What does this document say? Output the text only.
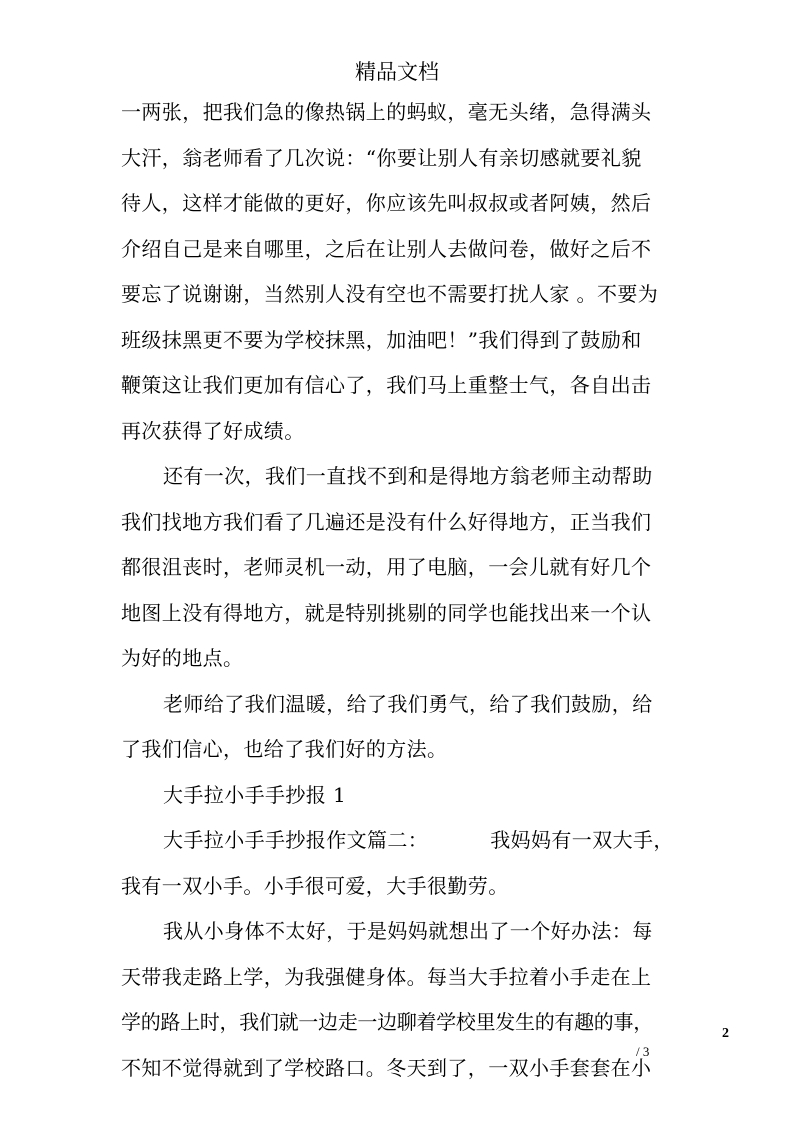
精品文档
一两张，把我们急的像热锅上的蚂蚁，毫无头绪，急得满头
大汗，翁老师看了几次说：“你要让别人有亲切感就要礼貌
待人，这样才能做的更好，你应该先叫叔叔或者阿姨，然后
介绍自己是来自哪里，之后在让别人去做问卷，做好之后不
要忘了说谢谢，当然别人没有空也不需要打扰人家 。不要为
班级抹黑更不要为学校抹黑，加油吧！”我们得到了鼓励和
鞭策这让我们更加有信心了，我们马上重整士气，各自出击
再次获得了好成绩。
还有一次，我们一直找不到和是得地方翁老师主动帮助
我们找地方我们看了几遍还是没有什么好得地方，正当我们
都很沮丧时，老师灵机一动，用了电脑，一会儿就有好几个
地图上没有得地方，就是特别挑剔的同学也能找出来一个认
为好的地点。
老师给了我们温暖，给了我们勇气，给了我们鼓励，给
了我们信心，也给了我们好的方法。
大手拉小手手抄报 1
大手拉小手手抄报作文篇二：	我妈妈有一双大手，
我有一双小手。小手很可爱，大手很勤劳。
我从小身体不太好，于是妈妈就想出了一个好办法：每
天带我走路上学，为我强健身体。每当大手拉着小手走在上
学的路上时，我们就一边走一边聊着学校里发生的有趣的事，
不知不觉得就到了学校路口。冬天到了，一双小手套套在小
2
/ 3
